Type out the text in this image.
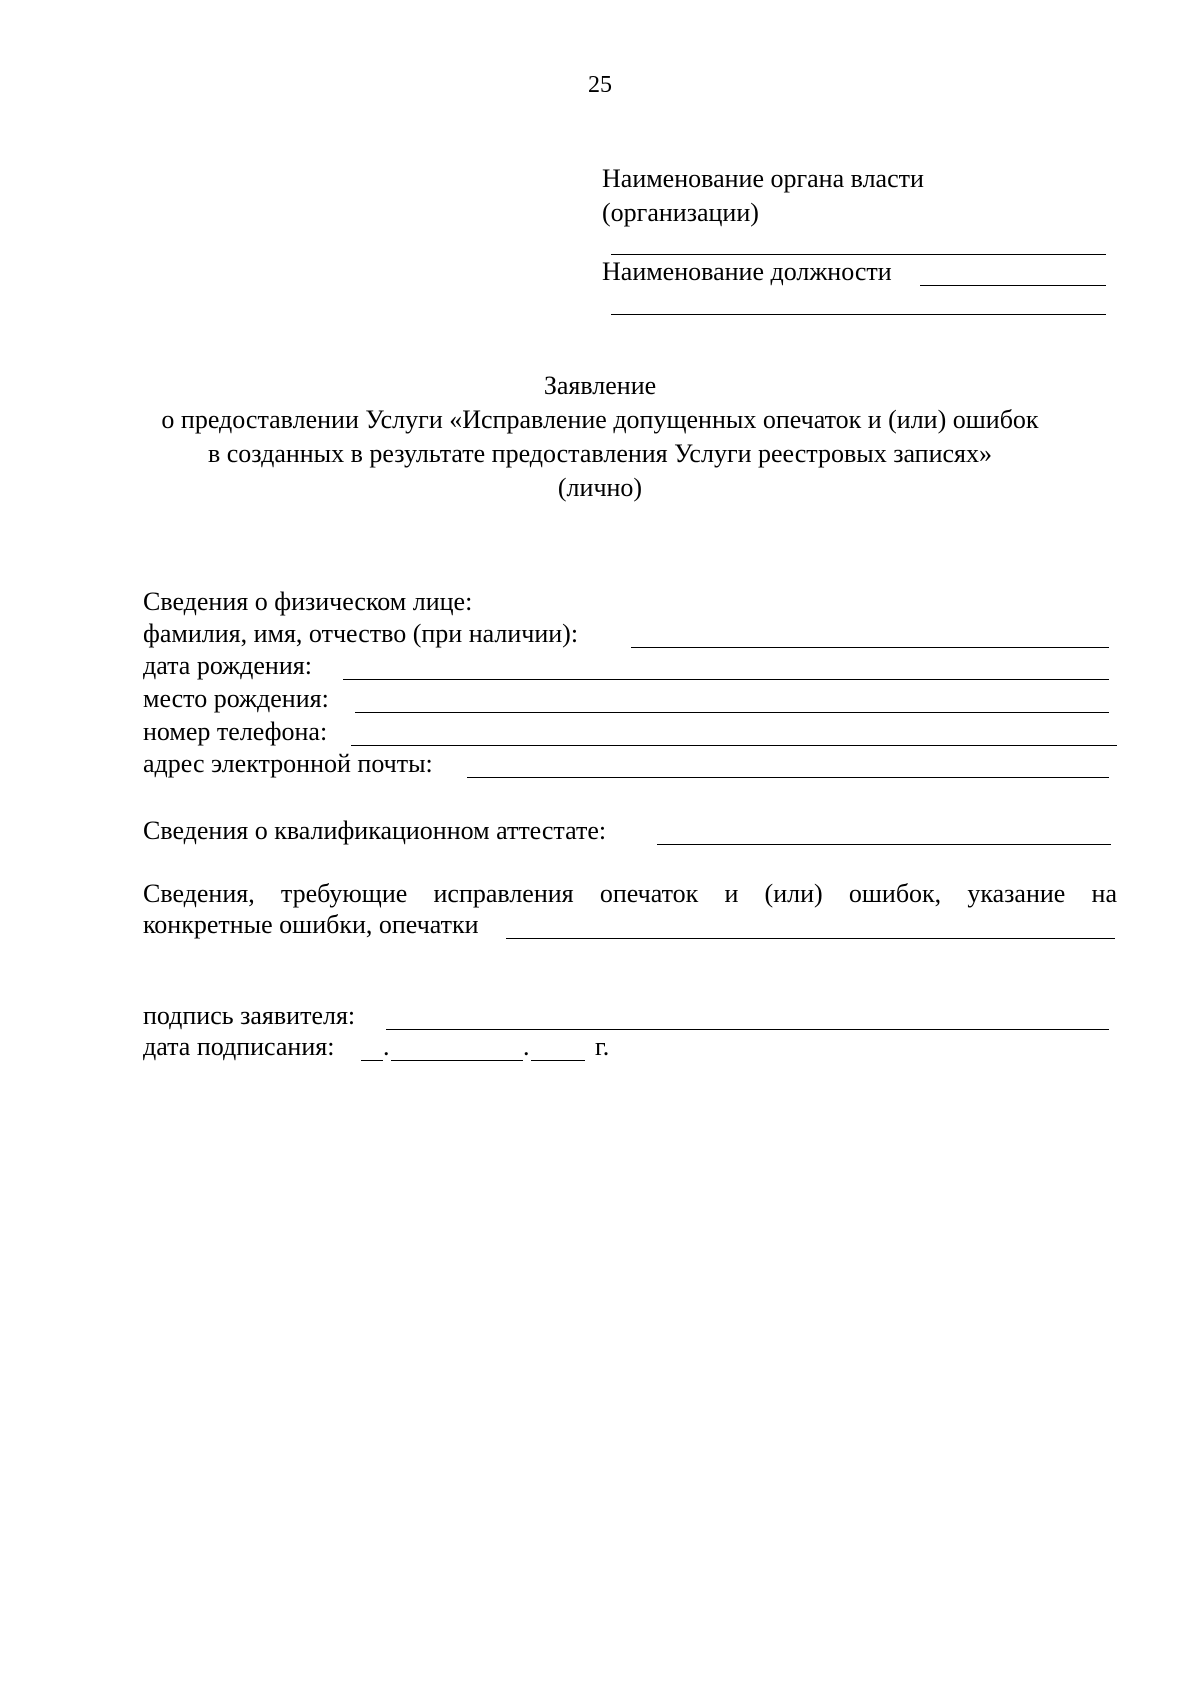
25
Наименование органа власти
(организации)
Наименование должности
Заявление
о предоставлении Услуги «Исправление допущенных опечаток и (или) ошибок
в созданных в результате предоставления Услуги реестровых записях»
(лично)
Сведения о физическом лице:
фамилия, имя, отчество (при наличии):
дата рождения:
место рождения:
номер телефона:
адрес электронной почты:
Сведения о квалификационном аттестате:
Сведения, требующие исправления опечаток и (или) ошибок, указание на
конкретные ошибки, опечатки
подпись заявителя:
дата подписания: .	.	г.
